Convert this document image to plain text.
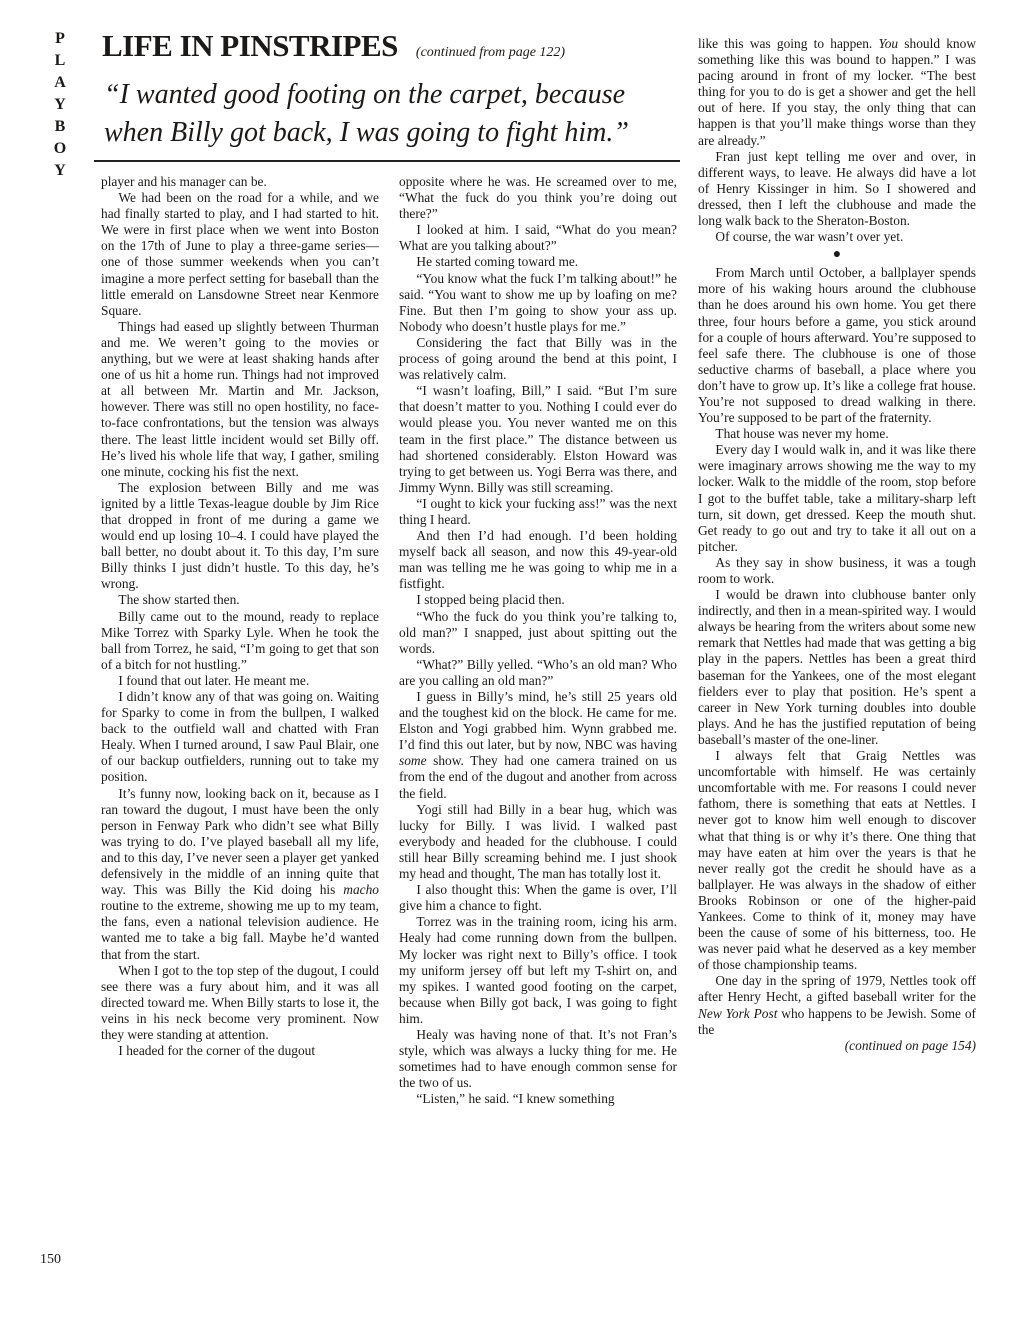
P
L
A
Y
B
O
Y
LIFE IN PINSTRIPES (continued from page 122)
“I wanted good footing on the carpet, because when Billy got back, I was going to fight him.”

player and his manager can be.

We had been on the road for a while, and we had finally started to play, and I had started to hit. We were in first place when we went into Boston on the 17th of June to play a three-game series—one of those summer weekends when you can’t imagine a more perfect setting for baseball than the little emerald on Lansdowne Street near Kenmore Square.

Things had eased up slightly between Thurman and me. We weren’t going to the movies or anything, but we were at least shaking hands after one of us hit a home run. Things had not improved at all between Mr. Martin and Mr. Jackson, however. There was still no open hostility, no face-to-face confrontations, but the tension was always there. The least little incident would set Billy off. He’s lived his whole life that way, I gather, smiling one minute, cocking his fist the next.

The explosion between Billy and me was ignited by a little Texas-league double by Jim Rice that dropped in front of me during a game we would end up losing 10–4. I could have played the ball better, no doubt about it. To this day, I’m sure Billy thinks I just didn’t hustle. To this day, he’s wrong.

The show started then.

Billy came out to the mound, ready to replace Mike Torrez with Sparky Lyle. When he took the ball from Torrez, he said, “I’m going to get that son of a bitch for not hustling.”

I found that out later. He meant me.

I didn’t know any of that was going on. Waiting for Sparky to come in from the bullpen, I walked back to the outfield wall and chatted with Fran Healy. When I turned around, I saw Paul Blair, one of our backup outfielders, running out to take my position.

It’s funny now, looking back on it, because as I ran toward the dugout, I must have been the only person in Fenway Park who didn’t see what Billy was trying to do. I’ve played baseball all my life, and to this day, I’ve never seen a player get yanked defensively in the middle of an inning quite that way. This was Billy the Kid doing his macho routine to the extreme, showing me up to my team, the fans, even a national television audience. He wanted me to take a big fall. Maybe he’d wanted that from the start.

When I got to the top step of the dugout, I could see there was a fury about him, and it was all directed toward me. When Billy starts to lose it, the veins in his neck become very prominent. Now they were standing at attention.

I headed for the corner of the dugout

opposite where he was. He screamed over to me, “What the fuck do you think you’re doing out there?”

I looked at him. I said, “What do you mean? What are you talking about?”

He started coming toward me.

“You know what the fuck I’m talking about!” he said. “You want to show me up by loafing on me? Fine. But then I’m going to show your ass up. Nobody who doesn’t hustle plays for me.”

Considering the fact that Billy was in the process of going around the bend at this point, I was relatively calm.

“I wasn’t loafing, Bill,” I said. “But I’m sure that doesn’t matter to you. Nothing I could ever do would please you. You never wanted me on this team in the first place.” The distance between us had shortened considerably. Elston Howard was trying to get between us. Yogi Berra was there, and Jimmy Wynn. Billy was still screaming.

“I ought to kick your fucking ass!” was the next thing I heard.

And then I’d had enough. I’d been holding myself back all season, and now this 49-year-old man was telling me he was going to whip me in a fistfight.

I stopped being placid then.

“Who the fuck do you think you’re talking to, old man?” I snapped, just about spitting out the words.

“What?” Billy yelled. “Who’s an old man? Who are you calling an old man?”

I guess in Billy’s mind, he’s still 25 years old and the toughest kid on the block. He came for me. Elston and Yogi grabbed him. Wynn grabbed me. I’d find this out later, but by now, NBC was having some show. They had one camera trained on us from the end of the dugout and another from across the field.

Yogi still had Billy in a bear hug, which was lucky for Billy. I was livid. I walked past everybody and headed for the clubhouse. I could still hear Billy screaming behind me. I just shook my head and thought, The man has totally lost it.

I also thought this: When the game is over, I’ll give him a chance to fight.

Torrez was in the training room, icing his arm. Healy had come running down from the bullpen. My locker was right next to Billy’s office. I took my uniform jersey off but left my T-shirt on, and my spikes. I wanted good footing on the carpet, because when Billy got back, I was going to fight him.

Healy was having none of that. It’s not Fran’s style, which was always a lucky thing for me. He sometimes had to have enough common sense for the two of us.

“Listen,” he said. “I knew something

like this was going to happen. You should know something like this was bound to happen.” I was pacing around in front of my locker. “The best thing for you to do is get a shower and get the hell out of here. If you stay, the only thing that can happen is that you’ll make things worse than they are already.”

Fran just kept telling me over and over, in different ways, to leave. He always did have a lot of Henry Kissinger in him. So I showered and dressed, then I left the clubhouse and made the long walk back to the Sheraton-Boston.

Of course, the war wasn’t over yet.

●

From March until October, a ballplayer spends more of his waking hours around the clubhouse than he does around his own home. You get there three, four hours before a game, you stick around for a couple of hours afterward. You’re supposed to feel safe there. The clubhouse is one of those seductive charms of baseball, a place where you don’t have to grow up. It’s like a college frat house. You’re not supposed to dread walking in there. You’re supposed to be part of the fraternity.

That house was never my home.

Every day I would walk in, and it was like there were imaginary arrows showing me the way to my locker. Walk to the middle of the room, stop before I got to the buffet table, take a military-sharp left turn, sit down, get dressed. Keep the mouth shut. Get ready to go out and try to take it all out on a pitcher.

As they say in show business, it was a tough room to work.

I would be drawn into clubhouse banter only indirectly, and then in a mean-spirited way. I would always be hearing from the writers about some new remark that Nettles had made that was getting a big play in the papers. Nettles has been a great third baseman for the Yankees, one of the most elegant fielders ever to play that position. He’s spent a career in New York turning doubles into double plays. And he has the justified reputation of being baseball’s master of the one-liner.

I always felt that Graig Nettles was uncomfortable with himself. He was certainly uncomfortable with me. For reasons I could never fathom, there is something that eats at Nettles. I never got to know him well enough to discover what that thing is or why it’s there. One thing that may have eaten at him over the years is that he never really got the credit he should have as a ballplayer. He was always in the shadow of either Brooks Robinson or one of the higher-paid Yankees. Come to think of it, money may have been the cause of some of his bitterness, too. He was never paid what he deserved as a key member of those championship teams.

One day in the spring of 1979, Nettles took off after Henry Hecht, a gifted baseball writer for the New York Post who happens to be Jewish. Some of the

(continued on page 154)

150
